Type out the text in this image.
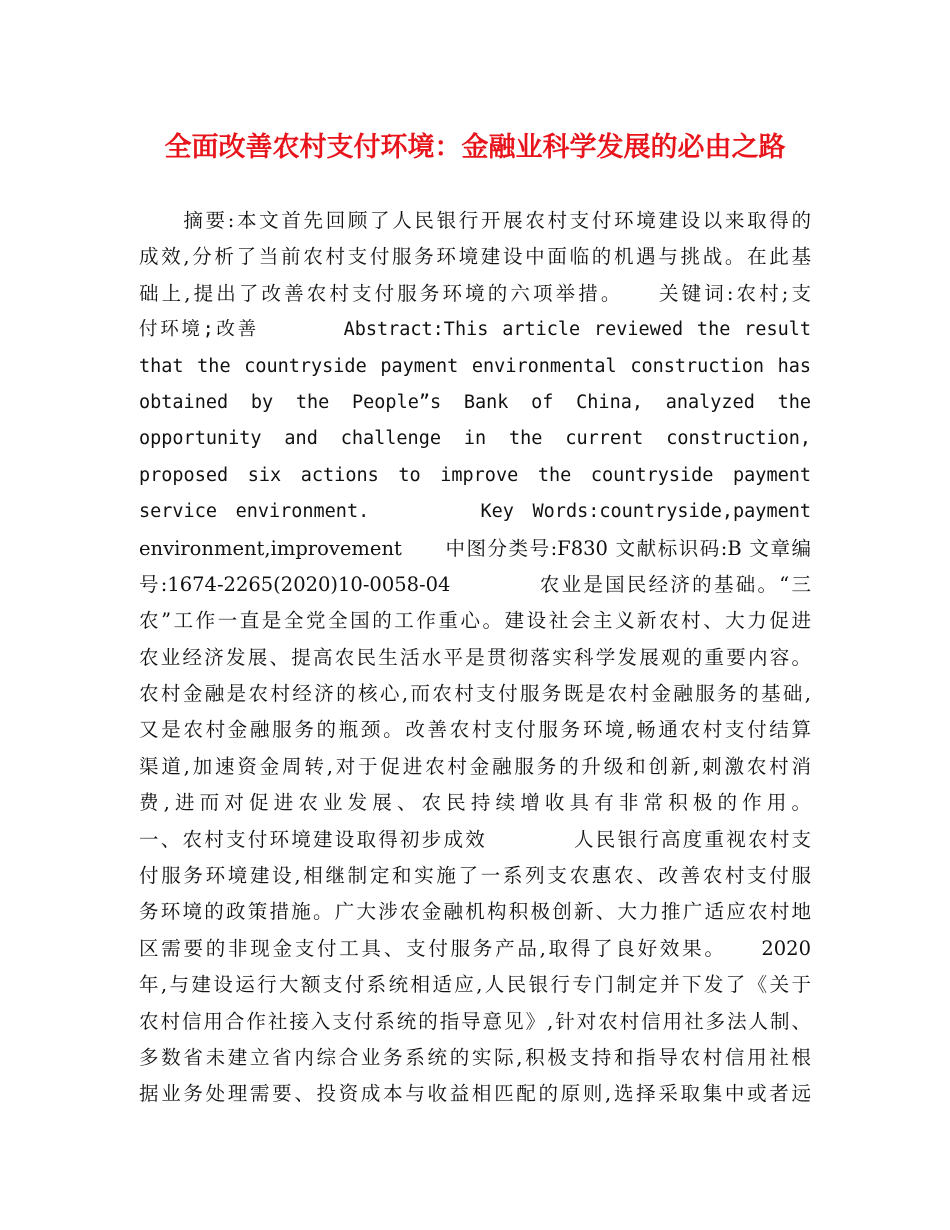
全面改善农村支付环境：金融业科学发展的必由之路
　　摘要:本文首先回顾了人民银行开展农村支付环境建设以来取得的
成效,分析了当前农村支付服务环境建设中面临的机遇与挑战。在此基
础上,提出了改善农村支付服务环境的六项举措。　　关键词:农村;支
付环境;改善　　　　Abstract:This article reviewed the result
that the countryside payment environmental construction has
obtained by the People”s Bank of China, analyzed the
opportunity and challenge in the current construction,
proposed six actions to improve the countryside payment
service environment.　　　　Key Words:countryside,payment
environment,improvement　　中图分类号:F830 文献标识码:B 文章编
号:1674-2265(2020)10-0058-04　　　　农业是国民经济的基础。“三
农”工作一直是全党全国的工作重心。建设社会主义新农村、大力促进
农业经济发展、提高农民生活水平是贯彻落实科学发展观的重要内容。
农村金融是农村经济的核心,而农村支付服务既是农村金融服务的基础,
又是农村金融服务的瓶颈。改善农村支付服务环境,畅通农村支付结算
渠道,加速资金周转,对于促进农村金融服务的升级和创新,刺激农村消
费,进而对促进农业发展、农民持续增收具有非常积极的作用。
一、农村支付环境建设取得初步成效　　　　人民银行高度重视农村支
付服务环境建设,相继制定和实施了一系列支农惠农、改善农村支付服
务环境的政策措施。广大涉农金融机构积极创新、大力推广适应农村地
区需要的非现金支付工具、支付服务产品,取得了良好效果。　　2020
年,与建设运行大额支付系统相适应,人民银行专门制定并下发了《关于
农村信用合作社接入支付系统的指导意见》,针对农村信用社多法人制、
多数省未建立省内综合业务系统的实际,积极支持和指导农村信用社根
据业务处理需要、投资成本与收益相匹配的原则,选择采取集中或者远
